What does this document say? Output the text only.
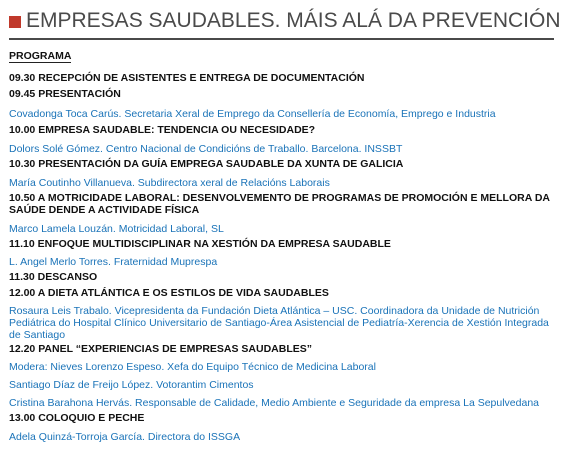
EMPRESAS SAUDABLES. MÁIS ALÁ DA PREVENCIÓN
PROGRAMA
09.30 RECEPCIÓN DE ASISTENTES E ENTREGA DE DOCUMENTACIÓN
09.45 PRESENTACIÓN
Covadonga Toca Carús. Secretaria Xeral de Emprego da Consellería de Economía, Emprego e Industria
10.00 EMPRESA SAUDABLE: TENDENCIA OU NECESIDADE?
Dolors Solé Gómez. Centro Nacional de Condicións de Traballo. Barcelona. INSSBT
10.30 PRESENTACIÓN DA GUÍA EMPREGA SAUDABLE DA XUNTA DE GALICIA
María Coutinho Villanueva. Subdirectora xeral de Relacións Laborais
10.50 A MOTRICIDADE LABORAL: DESENVOLVEMENTO DE PROGRAMAS DE PROMOCIÓN E MELLORA DA SAÚDE DENDE A ACTIVIDADE FÍSICA
Marco Lamela Louzán. Motricidad Laboral, SL
11.10 ENFOQUE MULTIDISCIPLINAR NA XESTIÓN DA EMPRESA SAUDABLE
L. Angel Merlo Torres. Fraternidad Muprespa
11.30 DESCANSO
12.00 A DIETA ATLÁNTICA E OS ESTILOS DE VIDA SAUDABLES
Rosaura Leis Trabalo. Vicepresidenta da Fundación Dieta Atlántica – USC. Coordinadora da Unidade de Nutrición Pediátrica do Hospital Clínico Universitario de Santiago-Área Asistencial de Pediatría-Xerencia de Xestión Integrada de Santiago
12.20 PANEL “EXPERIENCIAS DE EMPRESAS SAUDABLES”
Modera: Nieves Lorenzo Espeso. Xefa do Equipo Técnico de Medicina Laboral
Santiago Díaz de Freijo López. Votorantim Cimentos
Cristina Barahona Hervás. Responsable de Calidade, Medio Ambiente e Seguridade da empresa La Sepulvedana
13.00 COLOQUIO E PECHE
Adela Quinzá-Torroja García. Directora do ISSGA
